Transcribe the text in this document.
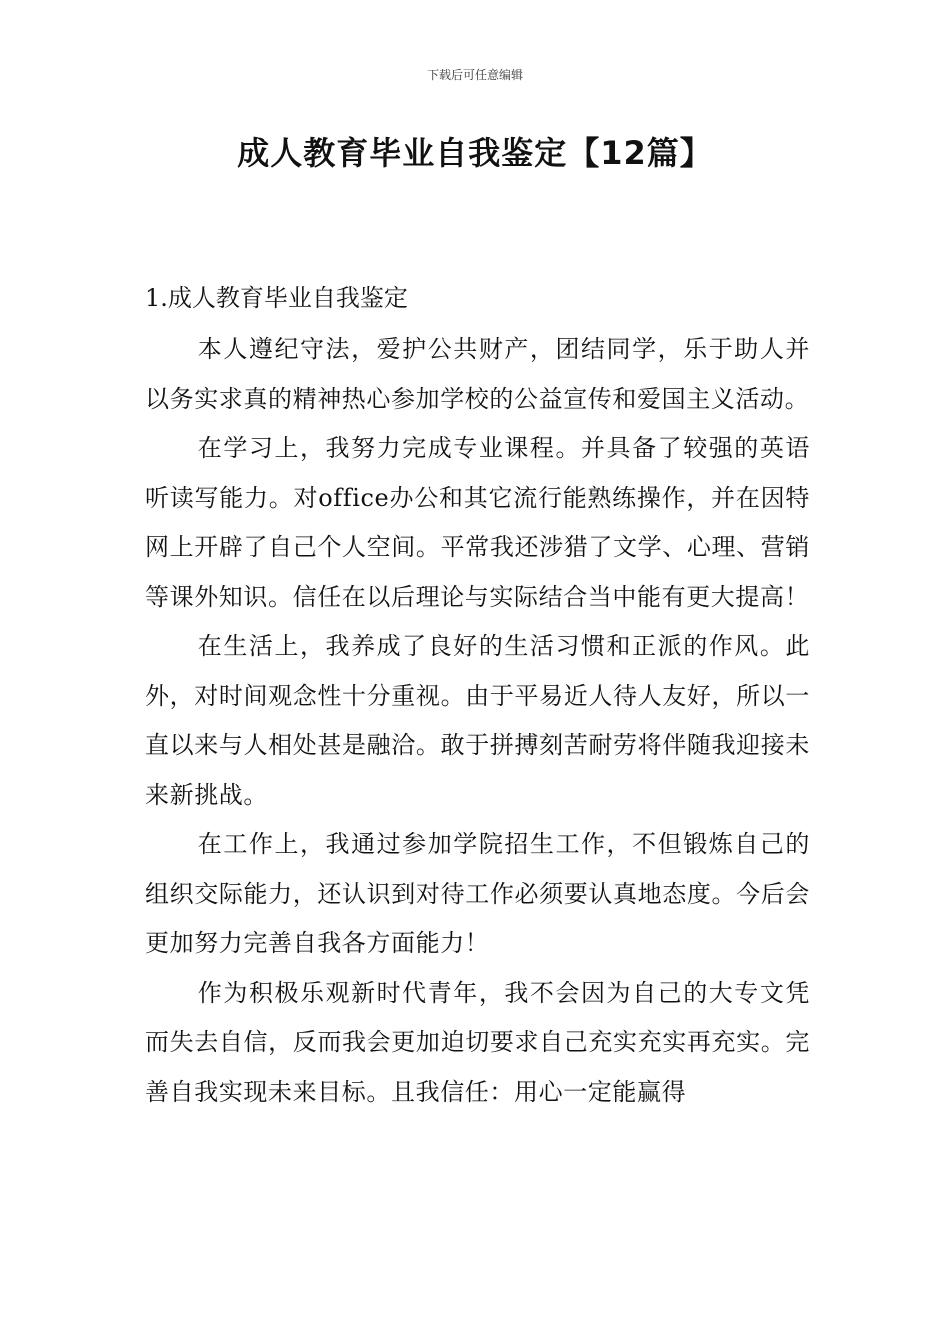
下载后可任意编辑
成人教育毕业自我鉴定【12篇】
1.成人教育毕业自我鉴定

本人遵纪守法，爱护公共财产，团结同学，乐于助人并以务实求真的精神热心参加学校的公益宣传和爱国主义活动。

在学习上，我努力完成专业课程。并具备了较强的英语听读写能力。对office办公和其它流行能熟练操作，并在因特网上开辟了自己个人空间。平常我还涉猎了文学、心理、营销等课外知识。信任在以后理论与实际结合当中能有更大提高！

在生活上，我养成了良好的生活习惯和正派的作风。此外，对时间观念性十分重视。由于平易近人待人友好，所以一直以来与人相处甚是融洽。敢于拼搏刻苦耐劳将伴随我迎接未来新挑战。

在工作上，我通过参加学院招生工作，不但锻炼自己的组织交际能力，还认识到对待工作必须要认真地态度。今后会更加努力完善自我各方面能力！

作为积极乐观新时代青年，我不会因为自己的大专文凭而失去自信，反而我会更加迫切要求自己充实充实再充实。完善自我实现未来目标。且我信任：用心一定能赢得
